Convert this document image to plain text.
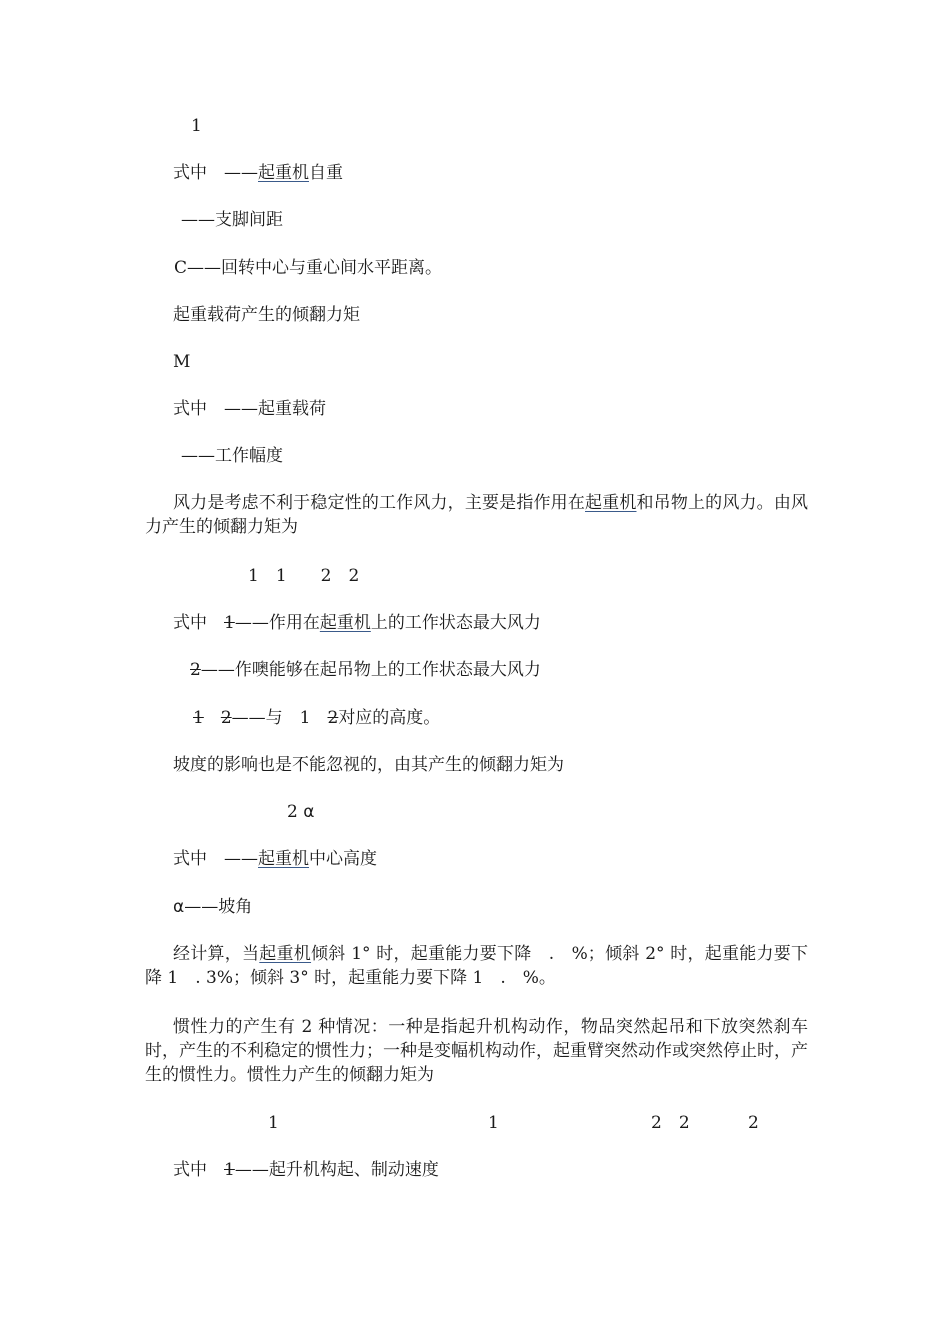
1
式中　——起重机自重
——支脚间距
C——回转中心与重心间水平距离。
起重载荷产生的倾翻力矩
M
式中　——起重载荷
——工作幅度
风力是考虑不利于稳定性的工作风力，主要是指作用在起重机和吊物上的风力。由风力产生的倾翻力矩为
1　1　　2　2
式中　1——作用在起重机上的工作状态最大风力
2——作噢能够在起吊物上的工作状态最大风力
1　 2——与　1　2对应的高度。
坡度的影响也是不能忽视的，由其产生的倾翻力矩为
2 α
式中　——起重机中心高度
α——坡角
经计算，当起重机倾斜 1° 时，起重能力要下降　.　%；倾斜 2° 时，起重能力要下降 1　. 3%；倾斜 3° 时，起重能力要下降 1　.　%。
惯性力的产生有 2 种情况：一种是指起升机构动作，物品突然起吊和下放突然刹车时，产生的不利稳定的惯性力；一种是变幅机构动作，起重臂突然动作或突然停止时，产生的惯性力。惯性力产生的倾翻力矩为
1	1	2　2	2
式中　1——起升机构起、制动速度
